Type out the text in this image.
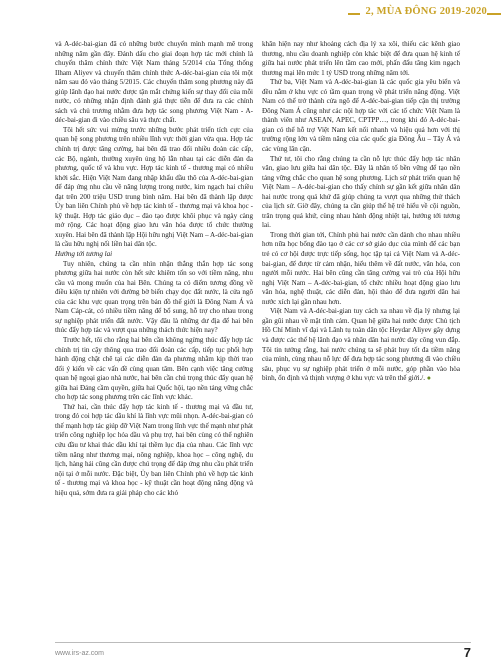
2, MÙA ĐÔNG 2019-2020

và A-déc-bai-gian đã có những bước chuyển mình mạnh mẽ trong những năm gần đây. Đánh dấu cho giai đoạn hợp tác mới chính là chuyến thăm chính thức Việt Nam tháng 5/2014 của Tổng thống Ilham Aliyev và chuyến thăm chính thức A-déc-bai-gian của tôi một năm sau đó vào tháng 5/2015. Các chuyến thăm song phương này đã giúp lãnh đạo hai nước được tận mắt chứng kiến sự thay đổi của mỗi nước, có những nhận định đánh giá thực tiễn để đưa ra các chính sách và chủ trương nhằm đưa hợp tác song phương Việt Nam - A-déc-bai-gian đi vào chiều sâu và thực chất.

Tôi hết sức vui mừng trước những bước phát triển tích cực của quan hệ song phương trên nhiều lĩnh vực thời gian vừa qua. Hợp tác chính trị được tăng cường, hai bên đã trao đổi nhiều đoàn các cấp, các Bộ, ngành, thường xuyên ủng hộ lẫn nhau tại các diễn đàn đa phương, quốc tế và khu vực. Hợp tác kinh tế - thương mại có nhiều khởi sắc. Hiện Việt Nam đang nhập khẩu dầu thô của A-déc-bai-gian để đáp ứng nhu cầu về năng lượng trong nước, kim ngạch hai chiều đạt trên 200 triệu USD trung bình năm. Hai bên đã thành lập được Ủy ban liên Chính phủ về hợp tác kinh tế - thương mại và khoa học - kỹ thuật. Hợp tác giáo dục – đào tạo được khôi phục và ngày càng mở rộng. Các hoạt động giao lưu văn hóa được tổ chức thường xuyên. Hai bên đã thành lập Hội hữu nghị Việt Nam – A-déc-bai-gian là cầu hữu nghị nối liền hai dân tộc.

Hướng tới tương lai

Tuy nhiên, chúng ta cần nhìn nhận thẳng thắn hợp tác song phương giữa hai nước còn hết sức khiêm tốn so với tiềm năng, nhu cầu và mong muốn của hai Bên. Chúng ta có điểm tương đồng về điều kiện tự nhiên với đường bờ biển chạy dọc đất nước, là cửa ngõ của các khu vực quan trọng trên bản đồ thế giới là Đông Nam Á và Nam Cáp-cát, có nhiều tiềm năng để bổ sung, hỗ trợ cho nhau trong sự nghiệp phát triển đất nước. Vậy đâu là những dư địa để hai bên thúc đẩy hợp tác và vượt qua những thách thức hiện nay?

Trước hết, tôi cho rằng hai bên cần không ngừng thúc đẩy hợp tác chính trị tin cậy thông qua trao đổi đoàn các cấp, tiếp tục phối hợp hành động chặt chẽ tại các diễn đàn đa phương nhằm kịp thời trao đổi ý kiến về các vấn đề cùng quan tâm. Bên cạnh việc tăng cường quan hệ ngoại giao nhà nước, hai bên cần chú trọng thúc đẩy quan hệ giữa hai Đảng cầm quyền, giữa hai Quốc hội, tạo nền tảng vững chắc cho hợp tác song phương trên các lĩnh vực khác.

Thứ hai, cần thúc đẩy hợp tác kinh tế - thương mại và đầu tư, trong đó coi hợp tác dầu khí là lĩnh vực mũi nhọn. A-déc-bai-gian có thế mạnh hợp tác giúp đỡ Việt Nam trong lĩnh vực thế mạnh như phát triển công nghiệp lọc hóa dầu và phụ trợ, hai bên cùng có thể nghiên cứu đầu tư khai thác dầu khí tại thềm lục địa của nhau. Các lĩnh vực tiềm năng như thương mại, nông nghiệp, khoa học – công nghệ, du lịch, hàng hải cũng cần được chú trọng để đáp ứng nhu cầu phát triển nội tại ở mỗi nước. Đặc biệt, Ủy ban liên Chính phủ về hợp tác kinh tế - thương mại và khoa học - kỹ thuật cần hoạt động năng động và hiệu quả, sớm đưa ra giải pháp cho các khó

khăn hiện nay như khoảng cách địa lý xa xôi, thiếu các kênh giao thương, nhu cầu doanh nghiệp còn khác biệt để đưa quan hệ kinh tế giữa hai nước phát triển lên tầm cao mới, phấn đấu tăng kim ngạch thương mại lên mức 1 tỷ USD trong những năm tới.

Thứ ba, Việt Nam và A-déc-bai-gian là các quốc gia yêu biển và đều nằm ở khu vực có tầm quan trọng về phát triển năng động. Việt Nam có thể trở thành cửa ngõ để A-déc-bai-gian tiếp cận thị trường Đông Nam Á cũng như các nội hợp tác với các tổ chức Việt Nam là thành viên như ASEAN, APEC, CPTPP…, trong khi đó A-déc-bai-gian có thể hỗ trợ Việt Nam kết nối nhanh và hiệu quả hơn với thị trường rộng lớn và tiềm năng của các quốc gia Đông Âu – Tây Á và các vùng lân cận.

Thứ tư, tôi cho rằng chúng ta cần nỗ lực thúc đẩy hợp tác nhân văn, giao lưu giữa hai dân tộc. Đây là nhân tố bền vững để tạo nền tảng vững chắc cho quan hệ song phương. Lịch sử phát triển quan hệ Việt Nam – A-déc-bai-gian cho thấy chính sự gần kết giữa nhân dân hai nước trong quá khứ đã giúp chúng ta vượt qua những thử thách của lịch sử. Giờ đây, chúng ta cần giúp thế hệ trẻ hiểu về cội nguồn, trân trọng quá khứ, cùng nhau hành động nhiệt tại, hướng tới tương lai.

Trong thời gian tới, Chính phủ hai nước cần dành cho nhau nhiều hơn nữa học bổng đào tạo ở các cơ sở giáo dục của mình để các bạn trẻ có cơ hội được trực tiếp sống, học tập tại cả Việt Nam và A-déc-bai-gian, để được từ cảm nhận, hiểu thêm về đất nước, văn hóa, con người mỗi nước. Hai bên cũng cần tăng cường vai trò của Hội hữu nghị Việt Nam – A-déc-bai-gian, tổ chức nhiều hoạt động giao lưu văn hóa, nghệ thuật, các diễn đàn, hội thảo để đưa người dân hai nước xích lại gần nhau hơn.

Việt Nam và A-déc-bai-gian tuy cách xa nhau về địa lý nhưng lại gần gũi nhau về mặt tình cảm. Quan hệ giữa hai nước được Chủ tịch Hồ Chí Minh vĩ đại và Lãnh tụ toàn dân tộc Heydar Aliyev gây dựng và được các thế hệ lãnh đạo và nhân dân hai nước dày công vun đắp. Tôi tin tưởng rằng, hai nước chúng ta sẽ phát huy tốt đa tiềm năng của mình, cùng nhau nỗ lực để đưa hợp tác song phương đi vào chiều sâu, phục vụ sự nghiệp phát triển ở mỗi nước, góp phần vào hòa bình, ổn định và thịnh vượng ở khu vực và trên thế giới./. ●

www.irs-az.com	7
